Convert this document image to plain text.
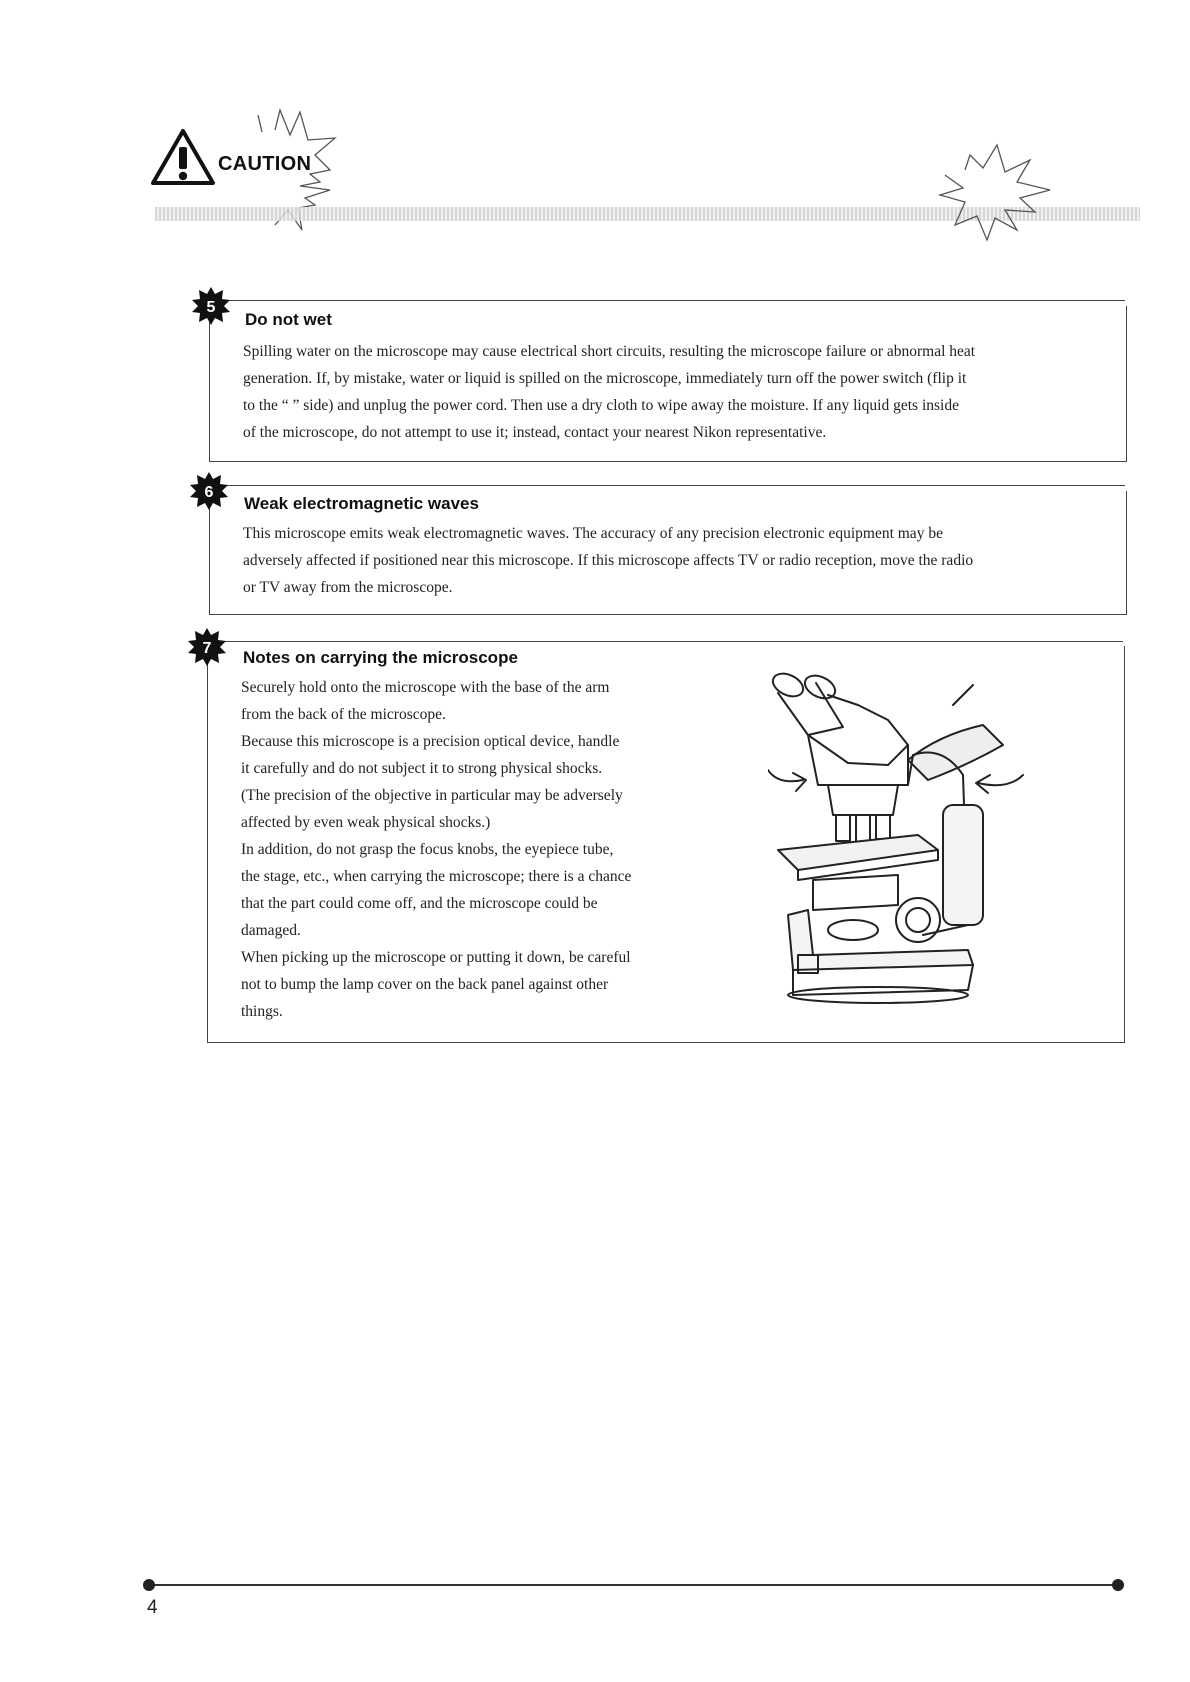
CAUTION
5
Do not wet

Spilling water on the microscope may cause electrical short circuits, resulting the microscope failure or abnormal heat

generation. If, by mistake, water or liquid is spilled on the microscope, immediately turn off the power switch (flip it

to the “ ” side) and unplug the power cord. Then use a dry cloth to wipe away the moisture. If any liquid gets inside

of the microscope, do not attempt to use it; instead, contact your nearest Nikon representative.

6
Weak electromagnetic waves

This microscope emits weak electromagnetic waves. The accuracy of any precision electronic equipment may be

adversely affected if positioned near this microscope. If this microscope affects TV or radio reception, move the radio

or TV away from the microscope.

7 Notes on carrying the microscope

Securely hold onto the microscope with the base of the arm

from the back of the microscope.

Because this microscope is a precision optical device, handle

it carefully and do not subject it to strong physical shocks.

(The precision of the objective in particular may be adversely

affected by even weak physical shocks.)

In addition, do not grasp the focus knobs, the eyepiece tube,

the stage, etc., when carrying the microscope; there is a chance

that the part could come off, and the microscope could be

damaged.

When picking up the microscope or putting it down, be careful

not to bump the lamp cover on the back panel against other

things.

4
